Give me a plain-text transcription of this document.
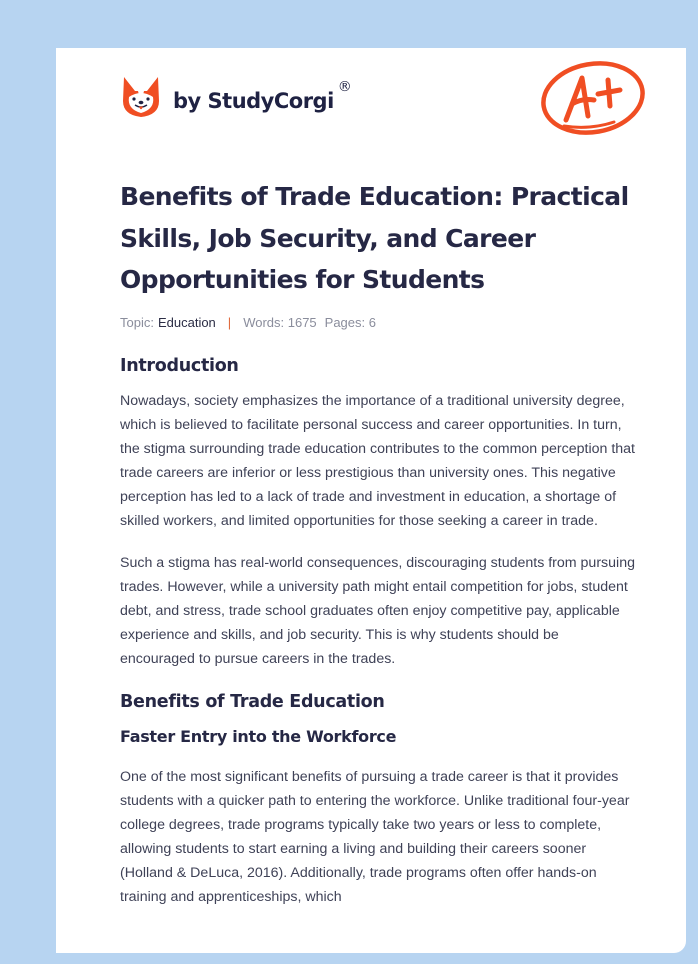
by StudyCorgi
®
Benefits of Trade Education: Practical Skills, Job Security, and Career Opportunities for Students
Topic: Education | Words: 1675 Pages: 6
Introduction

Nowadays, society emphasizes the importance of a traditional university degree, which is believed to facilitate personal success and career opportunities. In turn, the stigma surrounding trade education contributes to the common perception that trade careers are inferior or less prestigious than university ones. This negative perception has led to a lack of trade and investment in education, a shortage of skilled workers, and limited opportunities for those seeking a career in trade.

Such a stigma has real-world consequences, discouraging students from pursuing trades. However, while a university path might entail competition for jobs, student debt, and stress, trade school graduates often enjoy competitive pay, applicable experience and skills, and job security. This is why students should be encouraged to pursue careers in the trades.

Benefits of Trade Education
Faster Entry into the Workforce

One of the most significant benefits of pursuing a trade career is that it provides students with a quicker path to entering the workforce. Unlike traditional four-year college degrees, trade programs typically take two years or less to complete, allowing students to start earning a living and building their careers sooner (Holland & DeLuca, 2016). Additionally, trade programs often offer hands-on training and apprenticeships, which
